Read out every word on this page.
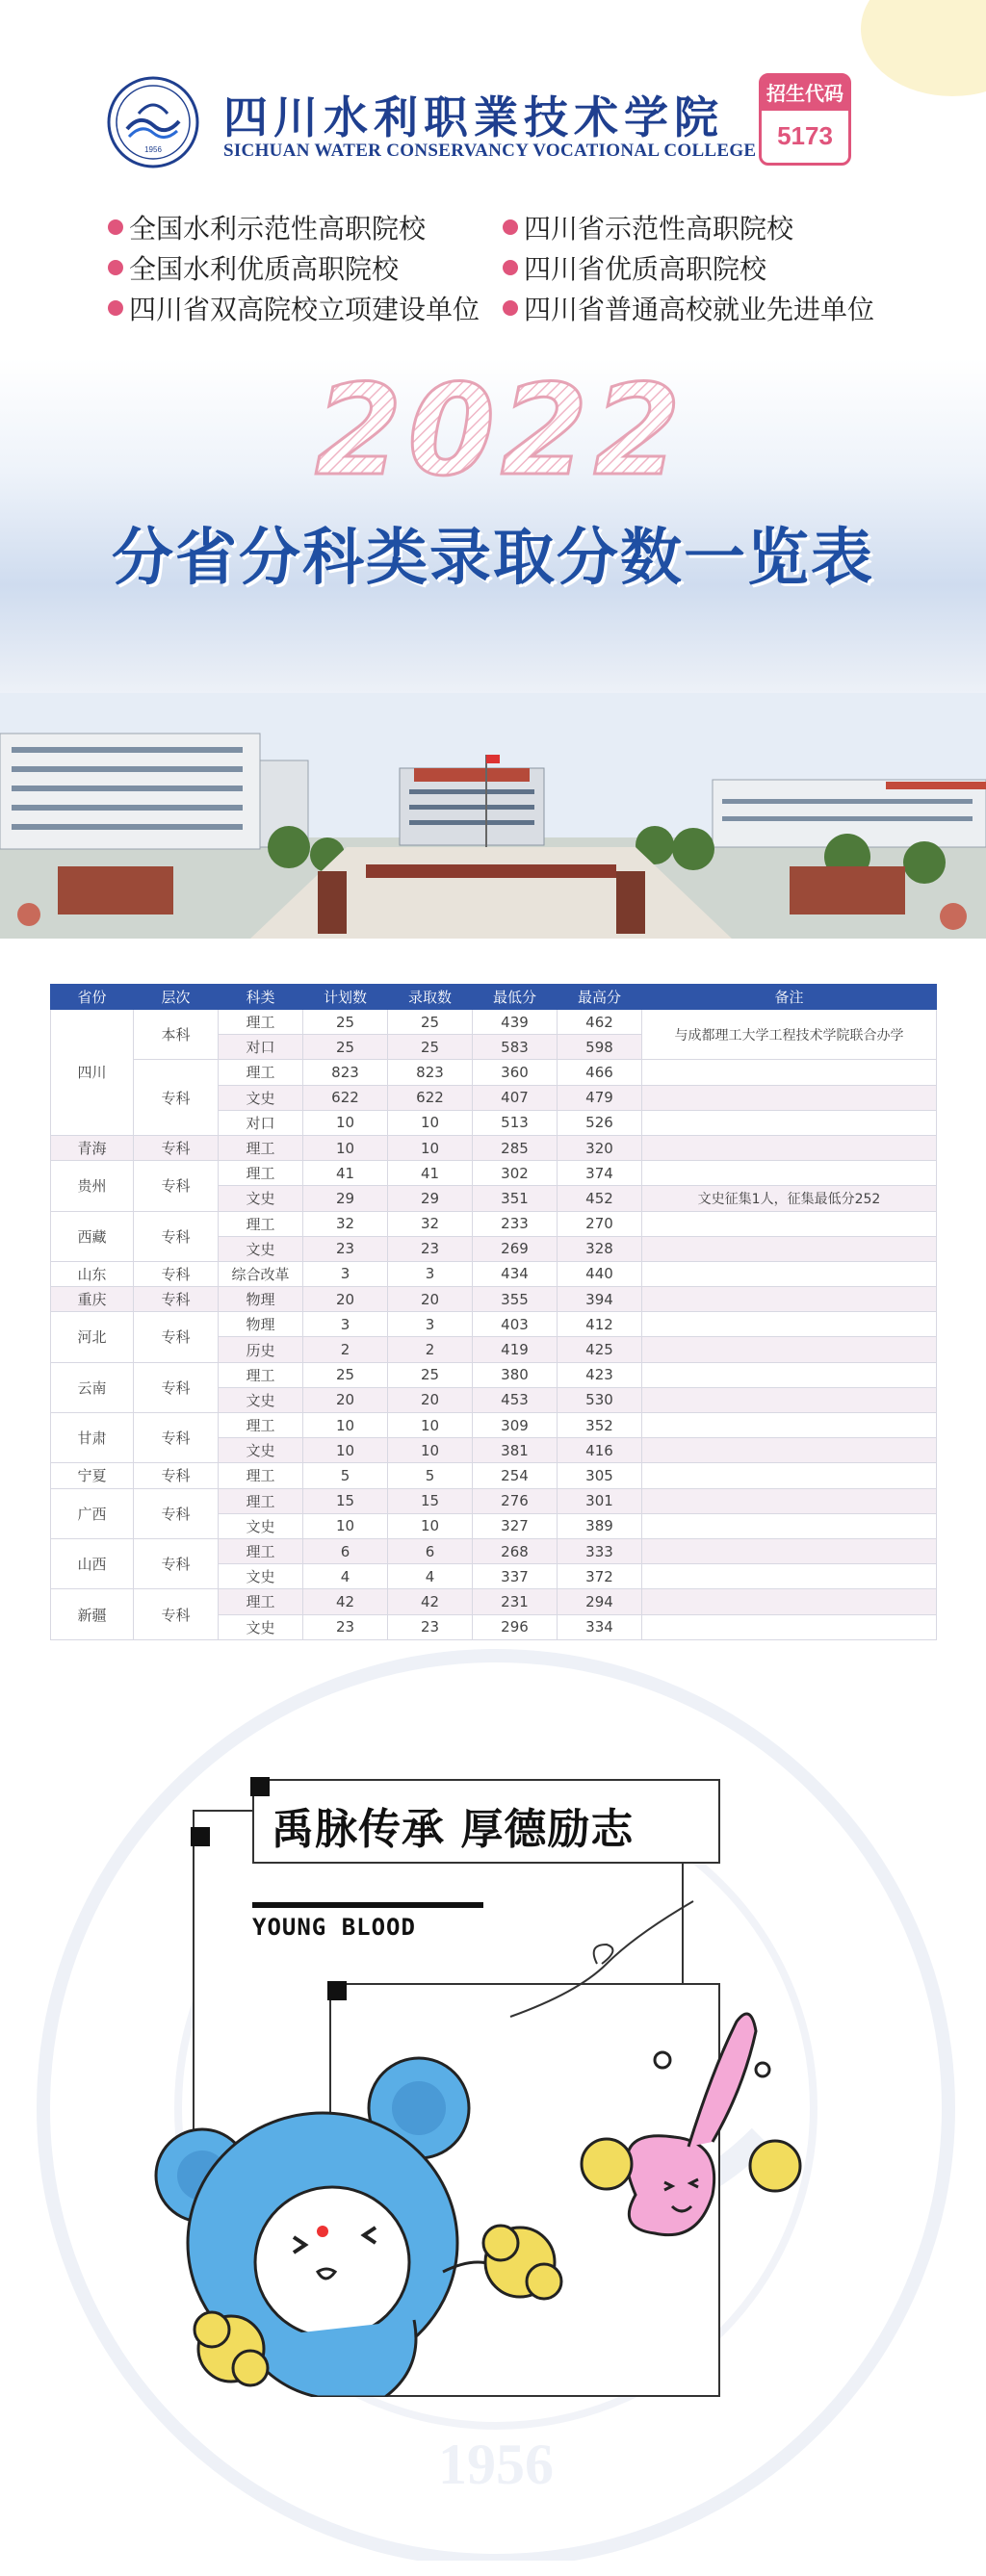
1956
四川水利职業技术学院
SICHUAN WATER CONSERVANCY VOCATIONAL COLLEGE
招生代码
5173
全国水利示范性高职院校	四川省示范性高职院校
全国水利优质高职院校	四川省优质高职院校
四川省双高院校立项建设单位	四川省普通高校就业先进单位
2022
分省分科类录取分数一览表
省份	层次	科类	计划数	录取数	最低分	最高分	备注
四川	本科	理工	25	25	439	462	与成都理工大学工程技术学院联合办学
		对口	25	25	583	598	
	专科	理工	823	823	360	466	
		文史	622	622	407	479	
		对口	10	10	513	526	
青海	专科	理工	10	10	285	320	
贵州	专科	理工	41	41	302	374	
		文史	29	29	351	452	文史征集1人，征集最低分252
西藏	专科	理工	32	32	233	270	
		文史	23	23	269	328	
山东	专科	综合改革	3	3	434	440	
重庆	专科	物理	20	20	355	394	
河北	专科	物理	3	3	403	412	
		历史	2	2	419	425	
云南	专科	理工	25	25	380	423	
		文史	20	20	453	530	
甘肃	专科	理工	10	10	309	352	
		文史	10	10	381	416	
宁夏	专科	理工	5	5	254	305	
广西	专科	理工	15	15	276	301	
		文史	10	10	327	389	
山西	专科	理工	6	6	268	333	
		文史	4	4	337	372	
新疆	专科	理工	42	42	231	294	
		文史	23	23	296	334	
1956
禹脉传承 厚德励志
YOUNG BLOOD
